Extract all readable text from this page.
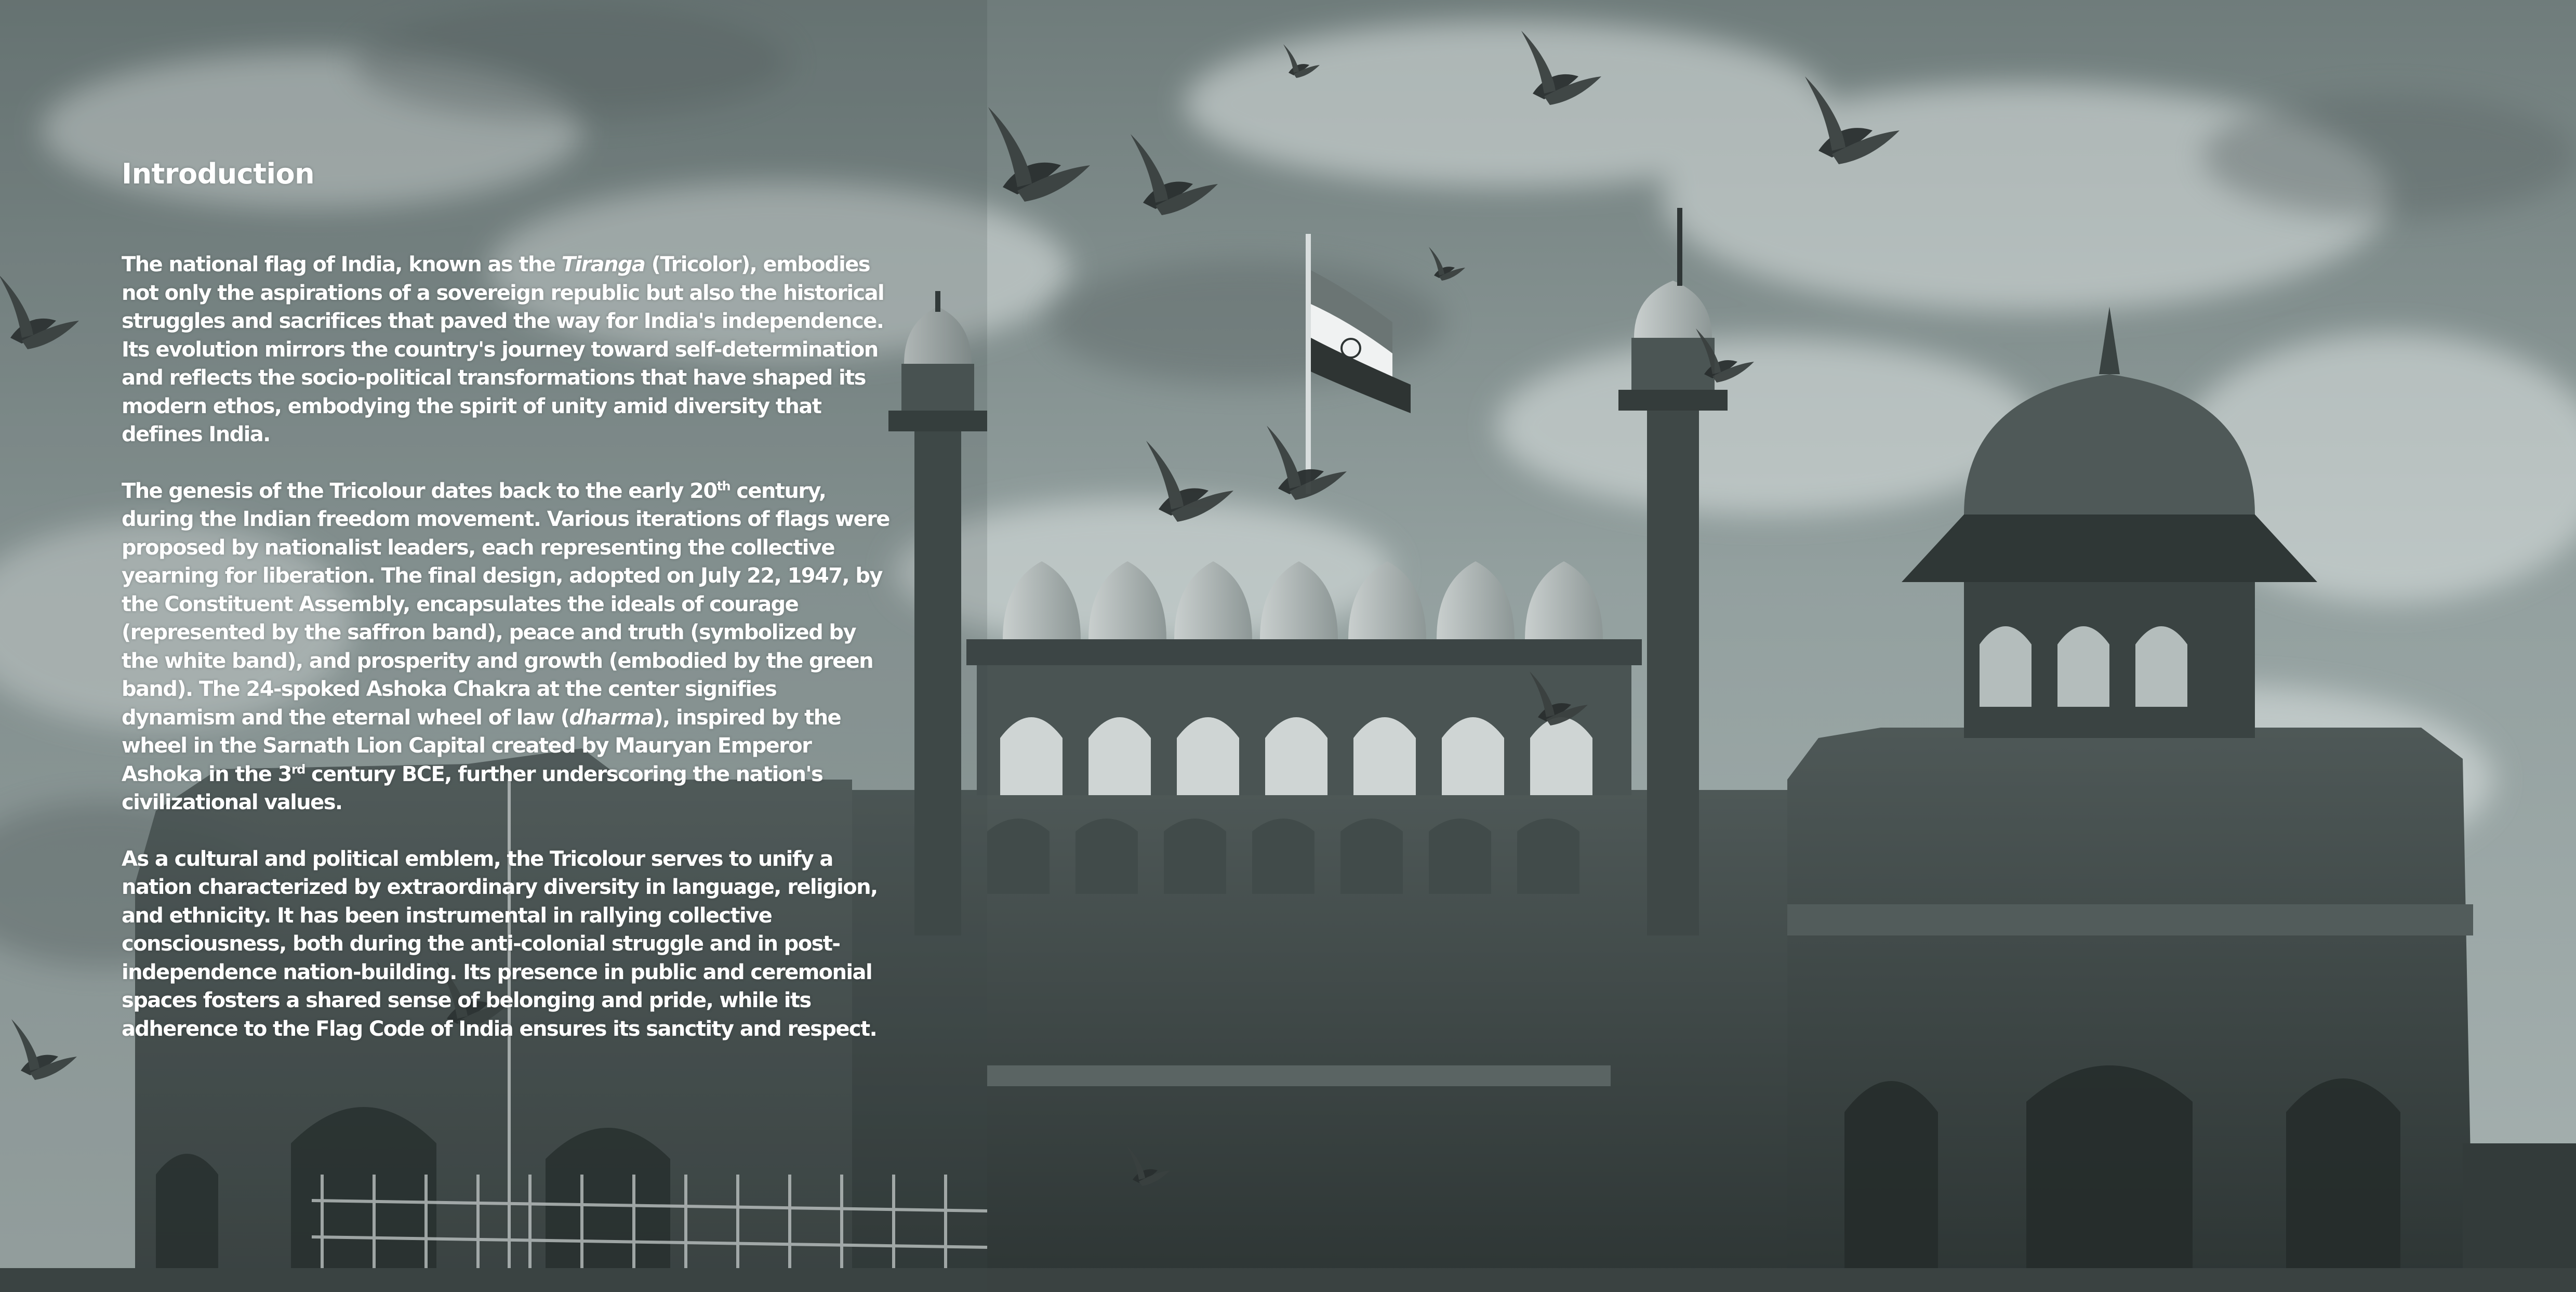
Introduction

The national flag of India, known as the Tiranga (Tricolor), embodies not only the aspirations of a sovereign republic but also the historical struggles and sacrifices that paved the way for India's independence. Its evolution mirrors the country's journey toward self-determination and reflects the socio-political transformations that have shaped its modern ethos, embodying the spirit of unity amid diversity that defines India.

The genesis of the Tricolour dates back to the early 20th century, during the Indian freedom movement. Various iterations of flags were proposed by nationalist leaders, each representing the collective yearning for liberation. The final design, adopted on July 22, 1947, by the Constituent Assembly, encapsulates the ideals of courage (represented by the saffron band), peace and truth (symbolized by the white band), and prosperity and growth (embodied by the green band). The 24-spoked Ashoka Chakra at the center signifies dynamism and the eternal wheel of law (dharma), inspired by the wheel in the Sarnath Lion Capital created by Mauryan Emperor Ashoka in the 3rd century BCE, further underscoring the nation's civilizational values.

As a cultural and political emblem, the Tricolour serves to unify a nation characterized by extraordinary diversity in language, religion, and ethnicity. It has been instrumental in rallying collective consciousness, both during the anti-colonial struggle and in post-independence nation-building. Its presence in public and ceremonial spaces fosters a shared sense of belonging and pride, while its adherence to the Flag Code of India ensures its sanctity and respect.
